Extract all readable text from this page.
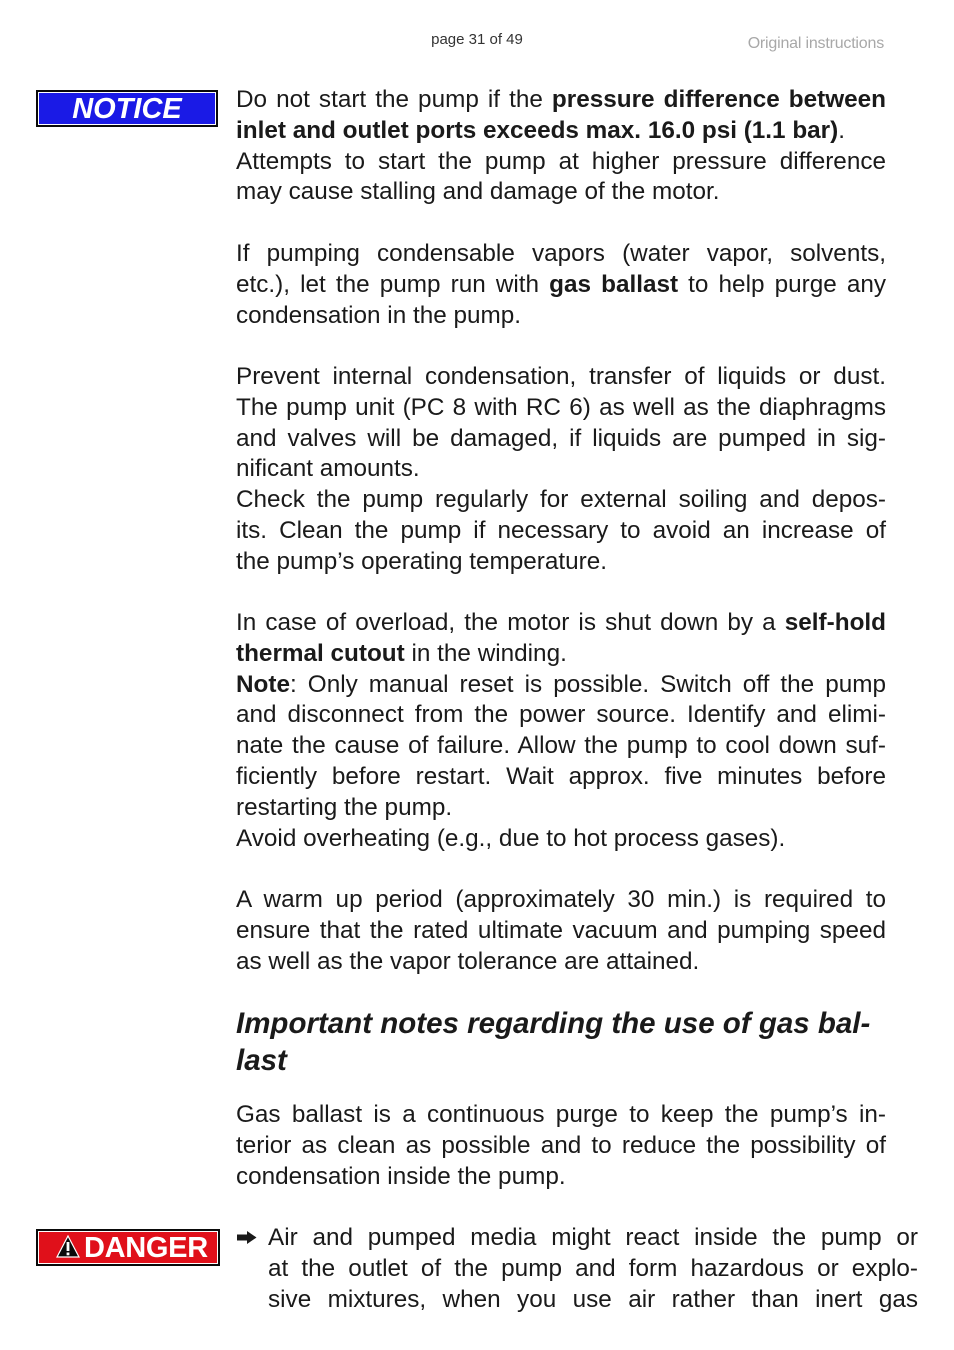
page 31 of 49	Original instructions
NOTICE	Do not start the pump if the pressure difference between

inlet and outlet ports exceeds max. 16.0 psi (1.1 bar).

Attempts to start the pump at higher pressure difference

may cause stalling and damage of the motor.

If pumping condensable vapors (water vapor, solvents,

etc.), let the pump run with gas ballast to help purge any

condensation in the pump.

Prevent internal condensation, transfer of liquids or dust.

The pump unit (PC 8 with RC 6) as well as the diaphragms

and valves will be damaged, if liquids are pumped in sig-

nificant amounts.

Check the pump regularly for external soiling and depos-

its. Clean the pump if necessary to avoid an increase of

the pump’s operating temperature.

In case of overload, the motor is shut down by a self-hold

thermal cutout in the winding.

Note: Only manual reset is possible. Switch off the pump

and disconnect from the power source. Identify and elimi-

nate the cause of failure. Allow the pump to cool down suf-

ficiently before restart. Wait approx. five minutes before

restarting the pump.

Avoid overheating (e.g., due to hot process gases).

A warm up period (approximately 30 min.) is required to

ensure that the rated ultimate vacuum and pumping speed

as well as the vapor tolerance are attained.

Important notes regarding the use of gas bal-
last

Gas ballast is a continuous purge to keep the pump’s in-

terior as clean as possible and to reduce the possibility of

condensation inside the pump.

DANGER Air and pumped media might react inside the pump or

at the outlet of the pump and form hazardous or explo-

sive mixtures, when you use air rather than inert gas
